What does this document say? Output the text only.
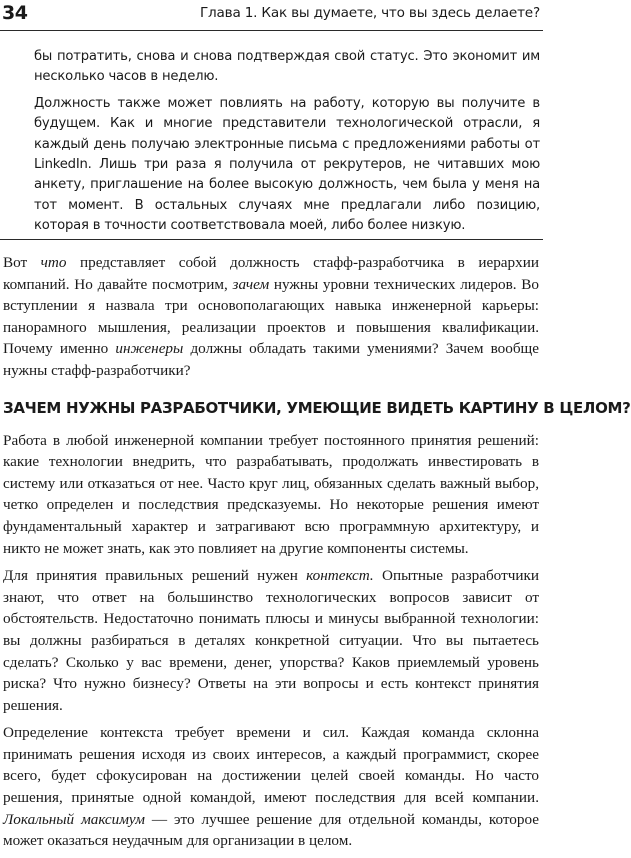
34	Глава 1. Как вы думаете, что вы здесь делаете?

бы потратить, снова и снова подтверждая свой статус. Это экономит им несколько часов в неделю.

Должность также может повлиять на работу, которую вы получите в будущем. Как и многие представители технологической отрасли, я каждый день получаю электронные письма с предложениями работы от LinkedIn. Лишь три раза я получила от рекрутеров, не читавших мою анкету, приглашение на более высокую должность, чем была у меня на тот момент. В остальных случаях мне предлагали либо позицию, которая в точности соответствовала моей, либо более низкую.

Вот что представляет собой должность стафф-разработчика в иерархии компаний. Но давайте посмотрим, зачем нужны уровни технических лидеров. Во вступлении я назвала три основополагающих навыка инженерной карьеры: панорамного мышления, реализации проектов и повышения квалификации. Почему именно инженеры должны обладать такими умениями? Зачем вообще нужны стафф-разработчики?

ЗАЧЕМ НУЖНЫ РАЗРАБОТЧИКИ, УМЕЮЩИЕ ВИДЕТЬ КАРТИНУ В ЦЕЛОМ?

Работа в любой инженерной компании требует постоянного принятия решений: какие технологии внедрить, что разрабатывать, продолжать инвестировать в систему или отказаться от нее. Часто круг лиц, обязанных сделать важный выбор, четко определен и последствия предсказуемы. Но некоторые решения имеют фундаментальный характер и затрагивают всю программную архитектуру, и никто не может знать, как это повлияет на другие компоненты системы.

Для принятия правильных решений нужен контекст. Опытные разработчики знают, что ответ на большинство технологических вопросов зависит от обстоятельств. Недостаточно понимать плюсы и минусы выбранной технологии: вы должны разбираться в деталях конкретной ситуации. Что вы пытаетесь сделать? Сколько у вас времени, денег, упорства? Каков приемлемый уровень риска? Что нужно бизнесу? Ответы на эти вопросы и есть контекст принятия решения.

Определение контекста требует времени и сил. Каждая команда склонна принимать решения исходя из своих интересов, а каждый программист, скорее всего, будет сфокусирован на достижении целей своей команды. Но часто решения, принятые одной командой, имеют последствия для всей компании. Локальный максимум — это лучшее решение для отдельной команды, которое может оказаться неудачным для организации в целом.
